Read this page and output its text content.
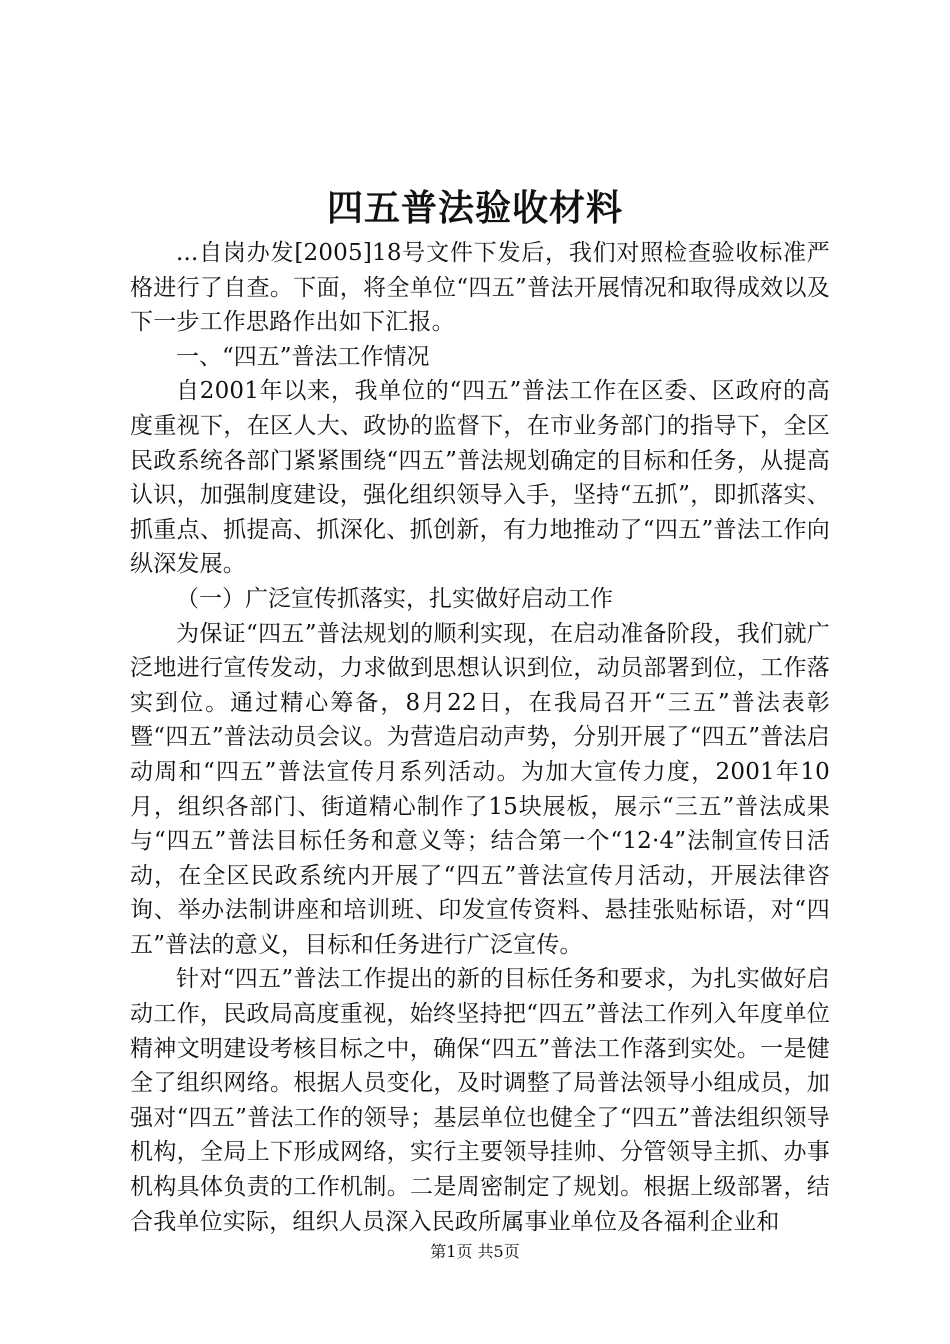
四五普法验收材料

...自岗办发[2005]18号文件下发后，我们对照检查验收标准严格进行了自查。下面，将全单位“四五”普法开展情况和取得成效以及下一步工作思路作出如下汇报。

一、“四五”普法工作情况

自2001年以来，我单位的“四五”普法工作在区委、区政府的高度重视下，在区人大、政协的监督下，在市业务部门的指导下，全区民政系统各部门紧紧围绕“四五”普法规划确定的目标和任务，从提高认识，加强制度建设，强化组织领导入手，坚持“五抓”，即抓落实、抓重点、抓提高、抓深化、抓创新，有力地推动了“四五”普法工作向纵深发展。

（一）广泛宣传抓落实，扎实做好启动工作

为保证“四五”普法规划的顺利实现，在启动准备阶段，我们就广泛地进行宣传发动，力求做到思想认识到位，动员部署到位，工作落实到位。通过精心筹备，8月22日，在我局召开“三五”普法表彰暨“四五”普法动员会议。为营造启动声势，分别开展了“四五”普法启动周和“四五”普法宣传月系列活动。为加大宣传力度，2001年10月，组织各部门、街道精心制作了15块展板，展示“三五”普法成果与“四五”普法目标任务和意义等；结合第一个“12·4”法制宣传日活动，在全区民政系统内开展了“四五”普法宣传月活动，开展法律咨询、举办法制讲座和培训班、印发宣传资料、悬挂张贴标语，对“四五”普法的意义，目标和任务进行广泛宣传。

针对“四五”普法工作提出的新的目标任务和要求，为扎实做好启动工作，民政局高度重视，始终坚持把“四五”普法工作列入年度单位精神文明建设考核目标之中，确保“四五”普法工作落到实处。一是健全了组织网络。根据人员变化，及时调整了局普法领导小组成员，加强对“四五”普法工作的领导；基层单位也健全了“四五”普法组织领导机构，全局上下形成网络，实行主要领导挂帅、分管领导主抓、办事机构具体负责的工作机制。二是周密制定了规划。根据上级部署，结合我单位实际，组织人员深入民政所属事业单位及各福利企业和

第1页 共5页
